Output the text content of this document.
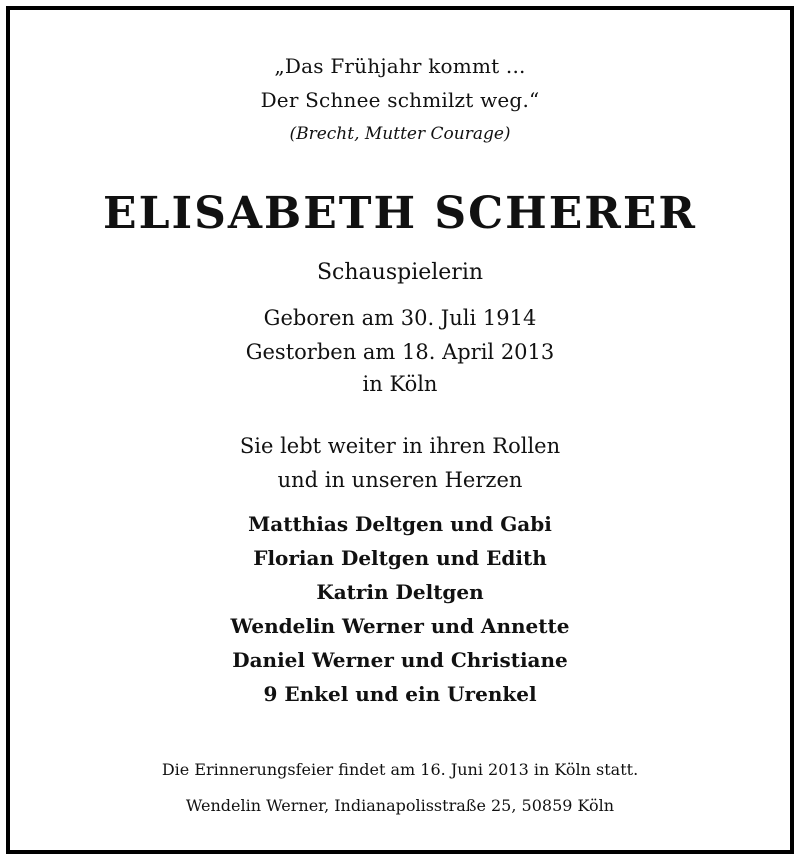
„Das Frühjahr kommt ...
Der Schnee schmilzt weg.“
(Brecht, Mutter Courage)
ELISABETH SCHERER
Schauspielerin
Geboren am 30. Juli 1914
Gestorben am 18. April 2013
in Köln
Sie lebt weiter in ihren Rollen
und in unseren Herzen
Matthias Deltgen und Gabi
Florian Deltgen und Edith
Katrin Deltgen
Wendelin Werner und Annette
Daniel Werner und Christiane
9 Enkel und ein Urenkel
Die Erinnerungsfeier findet am 16. Juni 2013 in Köln statt.
Wendelin Werner, Indianapolisstraße 25, 50859 Köln
